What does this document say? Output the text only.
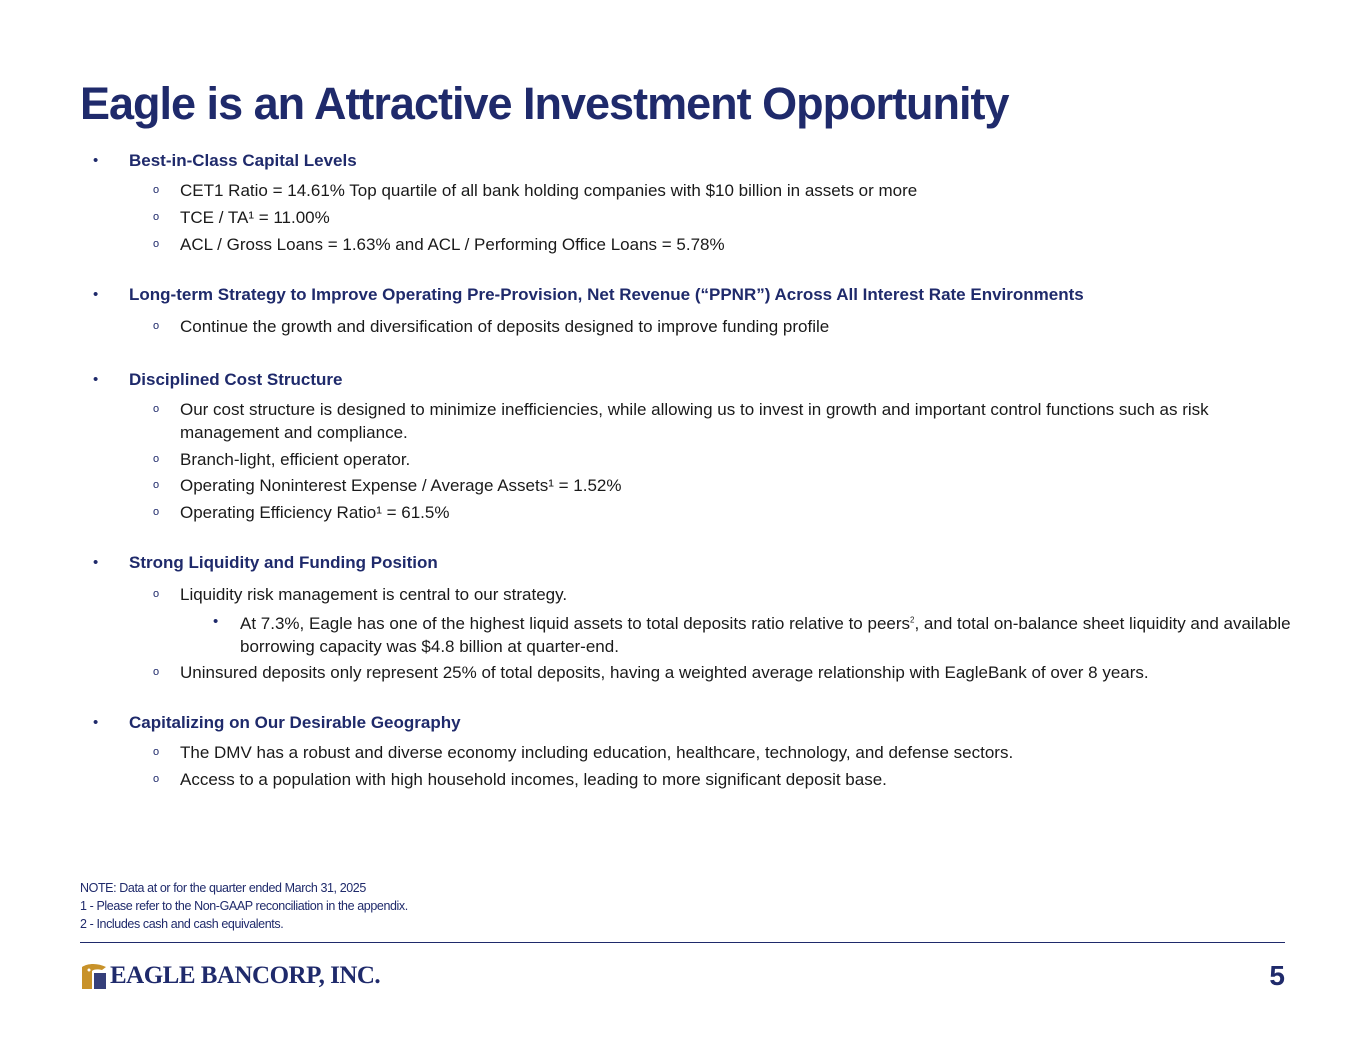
Eagle is an Attractive Investment Opportunity
• Best-in-Class Capital Levels
o CET1 Ratio = 14.61% Top quartile of all bank holding companies with $10 billion in assets or more
o TCE / TA¹ = 11.00%
o ACL / Gross Loans = 1.63% and ACL / Performing Office Loans = 5.78%
• Long-term Strategy to Improve Operating Pre-Provision, Net Revenue (“PPNR”) Across All Interest Rate Environments
o Continue the growth and diversification of deposits designed to improve funding profile
• Disciplined Cost Structure
o Our cost structure is designed to minimize inefficiencies, while allowing us to invest in growth and important control functions such as risk management and compliance.
o Branch-light, efficient operator.
o Operating Noninterest Expense / Average Assets¹ = 1.52%
o Operating Efficiency Ratio¹ = 61.5%
• Strong Liquidity and Funding Position
o Liquidity risk management is central to our strategy.
• At 7.3%, Eagle has one of the highest liquid assets to total deposits ratio relative to peers$^2$, and total on-balance sheet liquidity and available borrowing capacity was $4.8 billion at quarter-end.
o Uninsured deposits only represent 25% of total deposits, having a weighted average relationship with EagleBank of over 8 years.
• Capitalizing on Our Desirable Geography
o The DMV has a robust and diverse economy including education, healthcare, technology, and defense sectors.
o Access to a population with high household incomes, leading to more significant deposit base.
NOTE: Data at or for the quarter ended March 31, 2025
1 - Please refer to the Non-GAAP reconciliation in the appendix.
2 - Includes cash and cash equivalents.
EAGLE BANCORP, INC.	5
